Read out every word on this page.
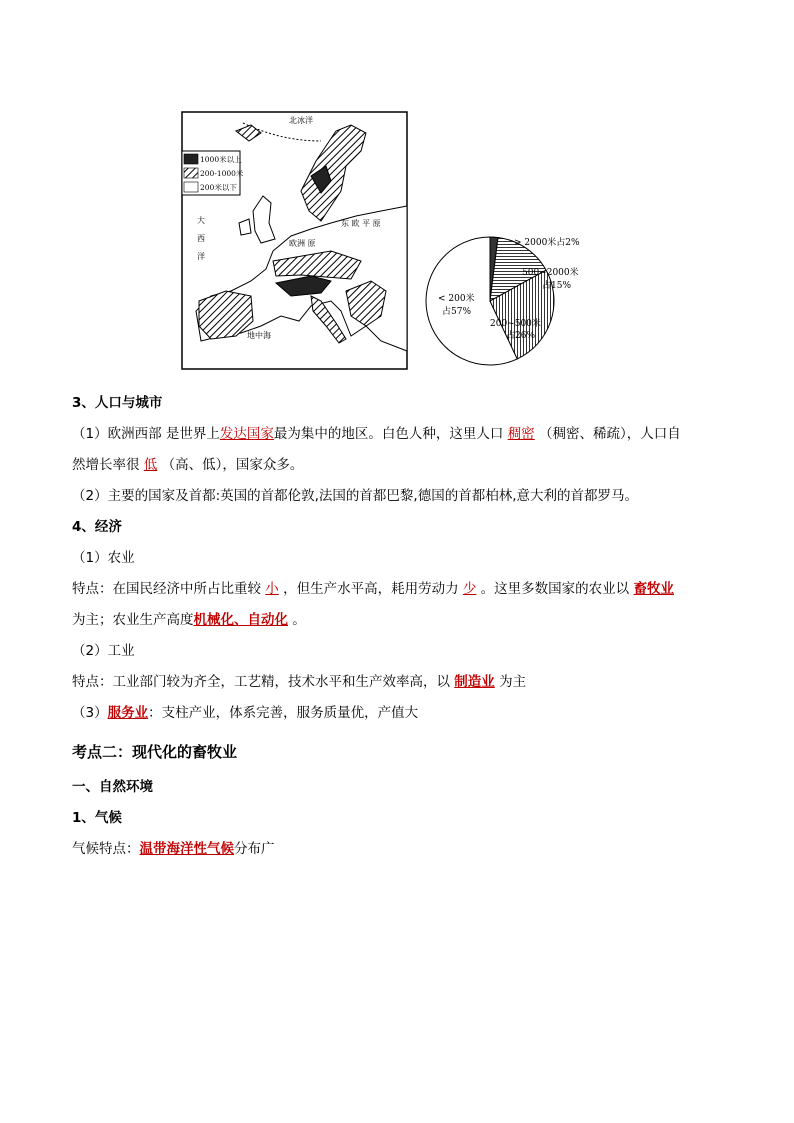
1000米以上
200-1000米
200米以下
北冰洋
大
西
洋
欧洲 原
东 欧 平 原
地中海
< 200米
占57%
> 2000米占2%
500~2000米
占15%
200~500米
占26%
3、人口与城市
（1）欧洲西部 是世界上发达国家最为集中的地区。白色人种，这里人口 稠密 （稠密、稀疏），人口自
然增长率很 低 （高、低），国家众多。
（2）主要的国家及首都:英国的首都伦敦,法国的首都巴黎,德国的首都柏林,意大利的首都罗马。
4、经济
（1）农业
特点：在国民经济中所占比重较 小 ，但生产水平高，耗用劳动力 少 。这里多数国家的农业以 畜牧业
为主；农业生产高度机械化、自动化 。
（2）工业
特点：工业部门较为齐全，工艺精，技术水平和生产效率高，以 制造业 为主
（3）服务业：支柱产业，体系完善，服务质量优，产值大
考点二：现代化的畜牧业
一、自然环境
1、气候
气候特点：温带海洋性气候分布广
